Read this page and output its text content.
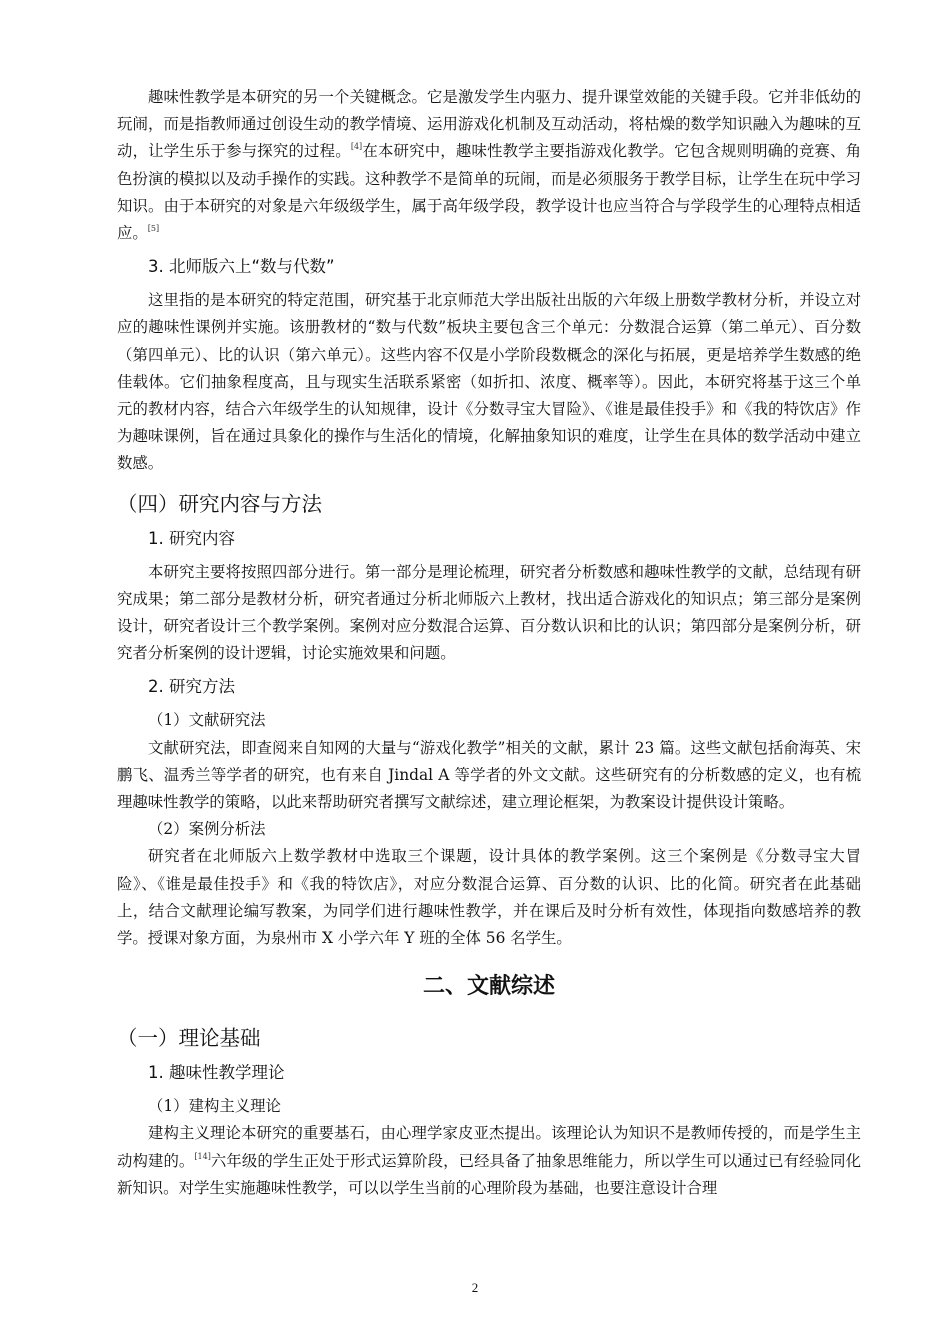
趣味性教学是本研究的另一个关键概念。它是激发学生内驱力、提升课堂效能的关键手段。它并非低幼的玩闹，而是指教师通过创设生动的教学情境、运用游戏化机制及互动活动，将枯燥的数学知识融入为趣味的互动，让学生乐于参与探究的过程。[4]在本研究中，趣味性教学主要指游戏化教学。它包含规则明确的竞赛、角色扮演的模拟以及动手操作的实践。这种教学不是简单的玩闹，而是必须服务于教学目标，让学生在玩中学习知识。由于本研究的对象是六年级级学生，属于高年级学段，教学设计也应当符合与学段学生的心理特点相适应。[5]

3. 北师版六上“数与代数”

这里指的是本研究的特定范围，研究基于北京师范大学出版社出版的六年级上册数学教材分析，并设立对应的趣味性课例并实施。该册教材的“数与代数”板块主要包含三个单元：分数混合运算（第二单元）、百分数（第四单元）、比的认识（第六单元）。这些内容不仅是小学阶段数概念的深化与拓展，更是培养学生数感的绝佳载体。它们抽象程度高，且与现实生活联系紧密（如折扣、浓度、概率等）。因此，本研究将基于这三个单元的教材内容，结合六年级学生的认知规律，设计《分数寻宝大冒险》、《谁是最佳投手》和《我的特饮店》作为趣味课例，旨在通过具象化的操作与生活化的情境，化解抽象知识的难度，让学生在具体的数学活动中建立数感。

（四）研究内容与方法
1. 研究内容

本研究主要将按照四部分进行。第一部分是理论梳理，研究者分析数感和趣味性教学的文献，总结现有研究成果；第二部分是教材分析，研究者通过分析北师版六上教材，找出适合游戏化的知识点；第三部分是案例设计，研究者设计三个教学案例。案例对应分数混合运算、百分数认识和比的认识；第四部分是案例分析，研究者分析案例的设计逻辑，讨论实施效果和问题。

2. 研究方法

（1）文献研究法

文献研究法，即查阅来自知网的大量与“游戏化教学”相关的文献，累计 23 篇。这些文献包括俞海英、宋鹏飞、温秀兰等学者的研究，也有来自 Jindal A 等学者的外文文献。这些研究有的分析数感的定义，也有梳理趣味性教学的策略，以此来帮助研究者撰写文献综述，建立理论框架，为教案设计提供设计策略。

（2）案例分析法

研究者在北师版六上数学教材中选取三个课题，设计具体的教学案例。这三个案例是《分数寻宝大冒险》、《谁是最佳投手》和《我的特饮店》，对应分数混合运算、百分数的认识、比的化简。研究者在此基础上，结合文献理论编写教案，为同学们进行趣味性教学，并在课后及时分析有效性，体现指向数感培养的教学。授课对象方面，为泉州市 X 小学六年 Y 班的全体 56 名学生。

二、文献综述
（一）理论基础
1. 趣味性教学理论

（1）建构主义理论

建构主义理论本研究的重要基石，由心理学家皮亚杰提出。该理论认为知识不是教师传授的，而是学生主动构建的。[14]六年级的学生正处于形式运算阶段，已经具备了抽象思维能力，所以学生可以通过已有经验同化新知识。对学生实施趣味性教学，可以以学生当前的心理阶段为基础，也要注意设计合理

2
